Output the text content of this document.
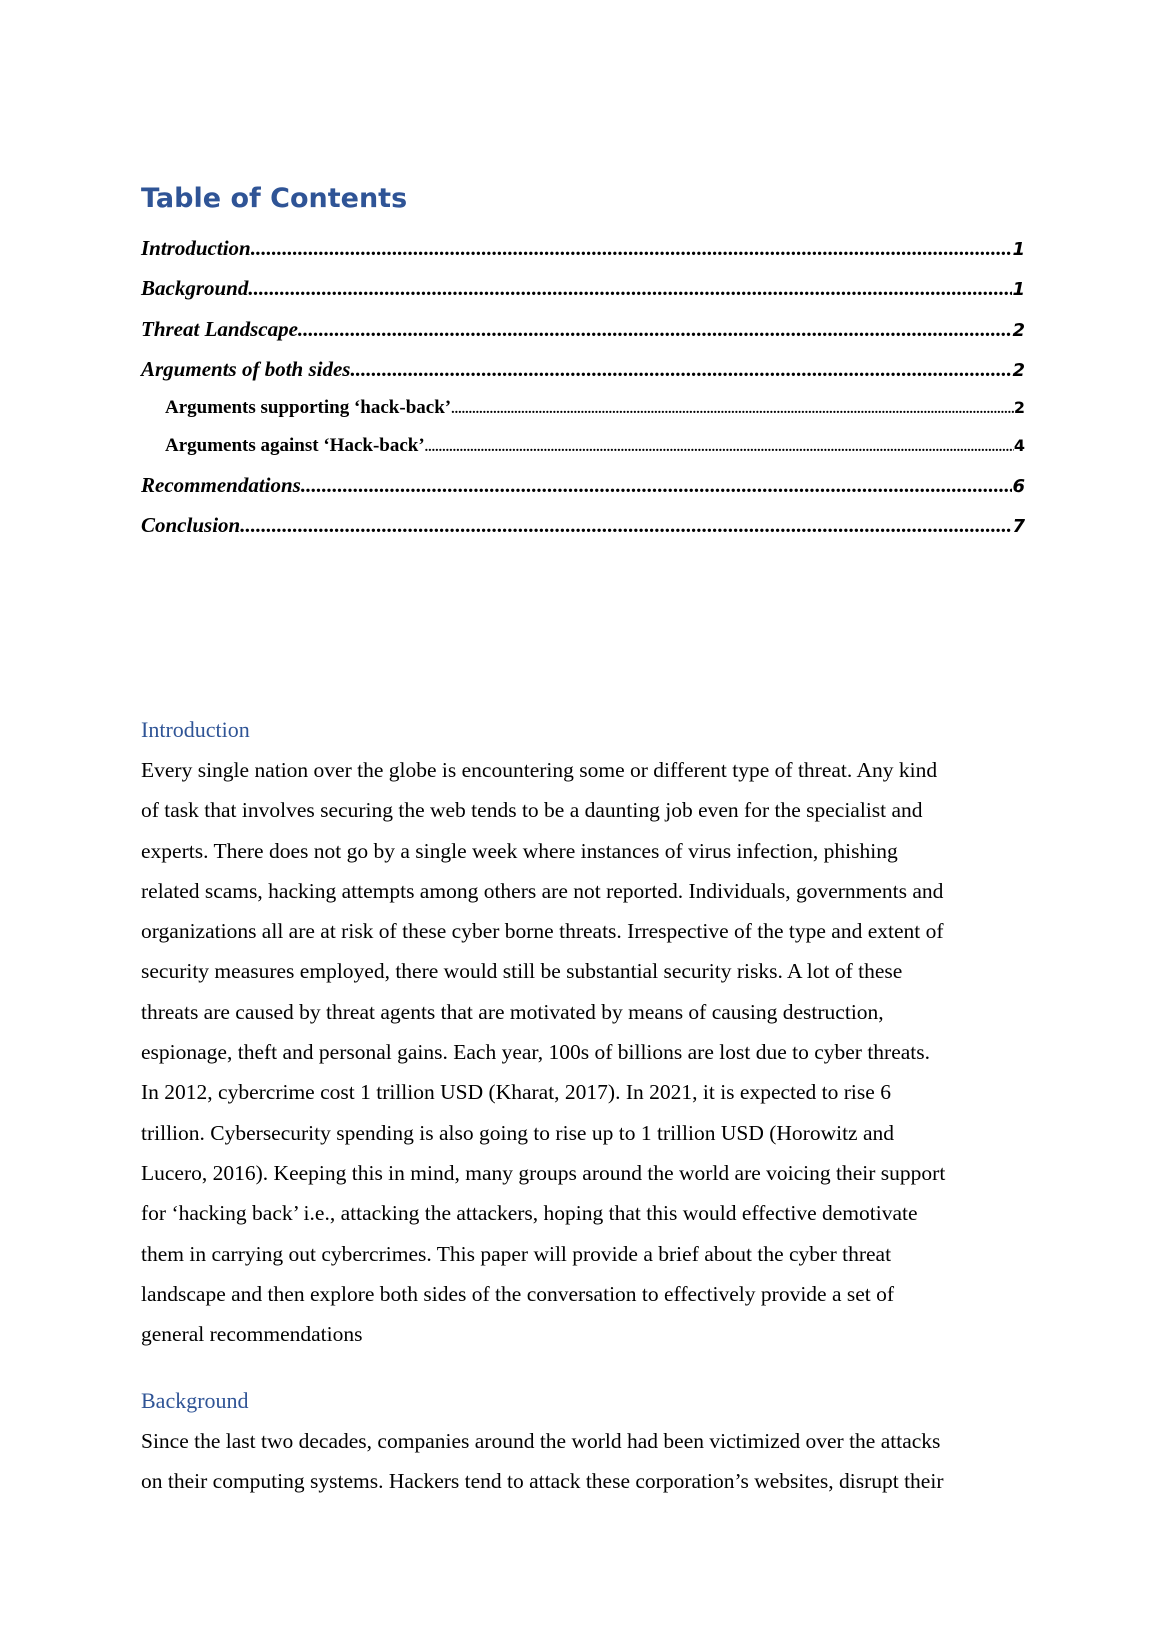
Table of Contents
Introduction .....	1
Background .....	1
Threat Landscape .....	2
Arguments of both sides .....	2
Arguments supporting ‘hack-back’ .....	2
Arguments against ‘Hack-back’ .....	4
Recommendations .....	6
Conclusion .....	7
Introduction

Every single nation over the globe is encountering some or different type of threat. Any kind
of task that involves securing the web tends to be a daunting job even for the specialist and
experts. There does not go by a single week where instances of virus infection, phishing
related scams, hacking attempts among others are not reported. Individuals, governments and
organizations all are at risk of these cyber borne threats. Irrespective of the type and extent of
security measures employed, there would still be substantial security risks. A lot of these
threats are caused by threat agents that are motivated by means of causing destruction,
espionage, theft and personal gains. Each year, 100s of billions are lost due to cyber threats.
In 2012, cybercrime cost 1 trillion USD (Kharat, 2017). In 2021, it is expected to rise 6
trillion. Cybersecurity spending is also going to rise up to 1 trillion USD (Horowitz and
Lucero, 2016). Keeping this in mind, many groups around the world are voicing their support
for ‘hacking back’ i.e., attacking the attackers, hoping that this would effective demotivate
them in carrying out cybercrimes. This paper will provide a brief about the cyber threat
landscape and then explore both sides of the conversation to effectively provide a set of
general recommendations

Background

Since the last two decades, companies around the world had been victimized over the attacks
on their computing systems. Hackers tend to attack these corporation’s websites, disrupt their
